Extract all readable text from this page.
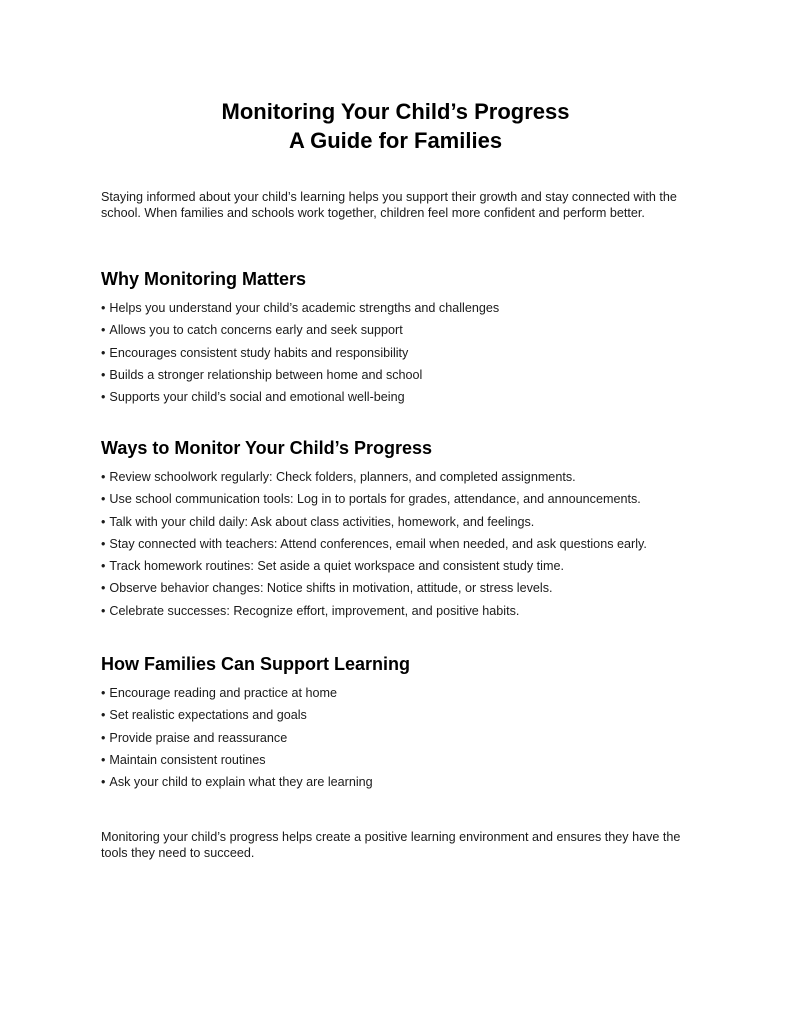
Monitoring Your Child’s Progress
A Guide for Families

Staying informed about your child’s learning helps you support their growth and stay connected with the school. When families and schools work together, children feel more confident and perform better.

Why Monitoring Matters
• Helps you understand your child’s academic strengths and challenges
• Allows you to catch concerns early and seek support
• Encourages consistent study habits and responsibility
• Builds a stronger relationship between home and school
• Supports your child’s social and emotional well-being
Ways to Monitor Your Child’s Progress
• Review schoolwork regularly: Check folders, planners, and completed assignments.
• Use school communication tools: Log in to portals for grades, attendance, and announcements.
• Talk with your child daily: Ask about class activities, homework, and feelings.
• Stay connected with teachers: Attend conferences, email when needed, and ask questions early.
• Track homework routines: Set aside a quiet workspace and consistent study time.
• Observe behavior changes: Notice shifts in motivation, attitude, or stress levels.
• Celebrate successes: Recognize effort, improvement, and positive habits.
How Families Can Support Learning
• Encourage reading and practice at home
• Set realistic expectations and goals
• Provide praise and reassurance
• Maintain consistent routines
• Ask your child to explain what they are learning

Monitoring your child’s progress helps create a positive learning environment and ensures they have the tools they need to succeed.
